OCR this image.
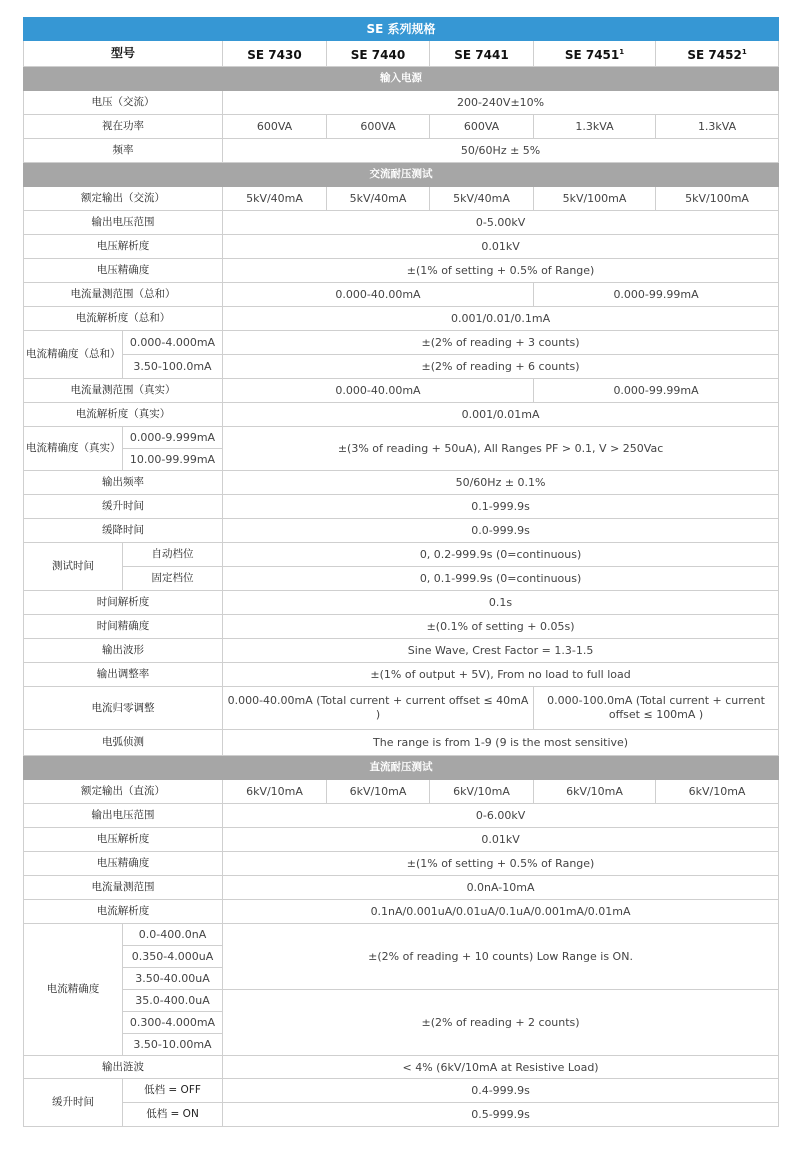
SE 系列规格						
型号		SE 7430	SE 7440	SE 7441	SE 7451$^1$	SE 7452$^1$
输入电源						
电压（交流）		200-240V±10%				
视在功率		600VA	600VA	600VA	1.3kVA	1.3kVA
频率		50/60Hz ± 5%				
交流耐压测试						
额定输出（交流）		5kV/40mA	5kV/40mA	5kV/40mA	5kV/100mA	5kV/100mA
输出电压范围		0-5.00kV				
电压解析度		0.01kV				
电压精确度		±(1% of setting + 0.5% of Range)				
电流量测范围（总和）		0.000-40.00mA			0.000-99.99mA	
电流解析度（总和）		0.001/0.01/0.1mA				
电流精确度（总和）	0.000-4.000mA	±(2% of reading + 3 counts)				
	3.50-100.0mA	±(2% of reading + 6 counts)				
电流量测范围（真实）		0.000-40.00mA			0.000-99.99mA	
电流解析度（真实）		0.001/0.01mA				
电流精确度（真实）	0.000-9.999mA	±(3% of reading + 50uA), All Ranges PF > 0.1, V > 250Vac				
	10.00-99.99mA					
输出频率		50/60Hz ± 0.1%				
缓升时间		0.1-999.9s				
缓降时间		0.0-999.9s				
测试时间	自动档位	0, 0.2-999.9s (0=continuous)				
	固定档位	0, 0.1-999.9s (0=continuous)				
时间解析度		0.1s				
时间精确度		±(0.1% of setting + 0.05s)				
输出波形		Sine Wave, Crest Factor = 1.3-1.5				
输出调整率		±(1% of output + 5V), From no load to full load				
电流归零调整		0.000-40.00mA (Total current + current offset ≤ 40mA )			0.000-100.0mA (Total current + current offset ≤ 100mA )	
电弧侦测		The range is from 1-9 (9 is the most sensitive)				
直流耐压测试						
额定输出（直流）		6kV/10mA	6kV/10mA	6kV/10mA	6kV/10mA	6kV/10mA
输出电压范围		0-6.00kV				
电压解析度		0.01kV				
电压精确度		±(1% of setting + 0.5% of Range)				
电流量测范围		0.0nA-10mA				
电流解析度		0.1nA/0.001uA/0.01uA/0.1uA/0.001mA/0.01mA				
电流精确度	0.0-400.0nA	±(2% of reading + 10 counts) Low Range is ON.				
	0.350-4.000uA					
	3.50-40.00uA					
	35.0-400.0uA	±(2% of reading + 2 counts)				
	0.300-4.000mA					
	3.50-10.00mA					
输出涟波		< 4% (6kV/10mA at Resistive Load)				
缓升时间	低档 = OFF	0.4-999.9s				
	低档 = ON	0.5-999.9s				
